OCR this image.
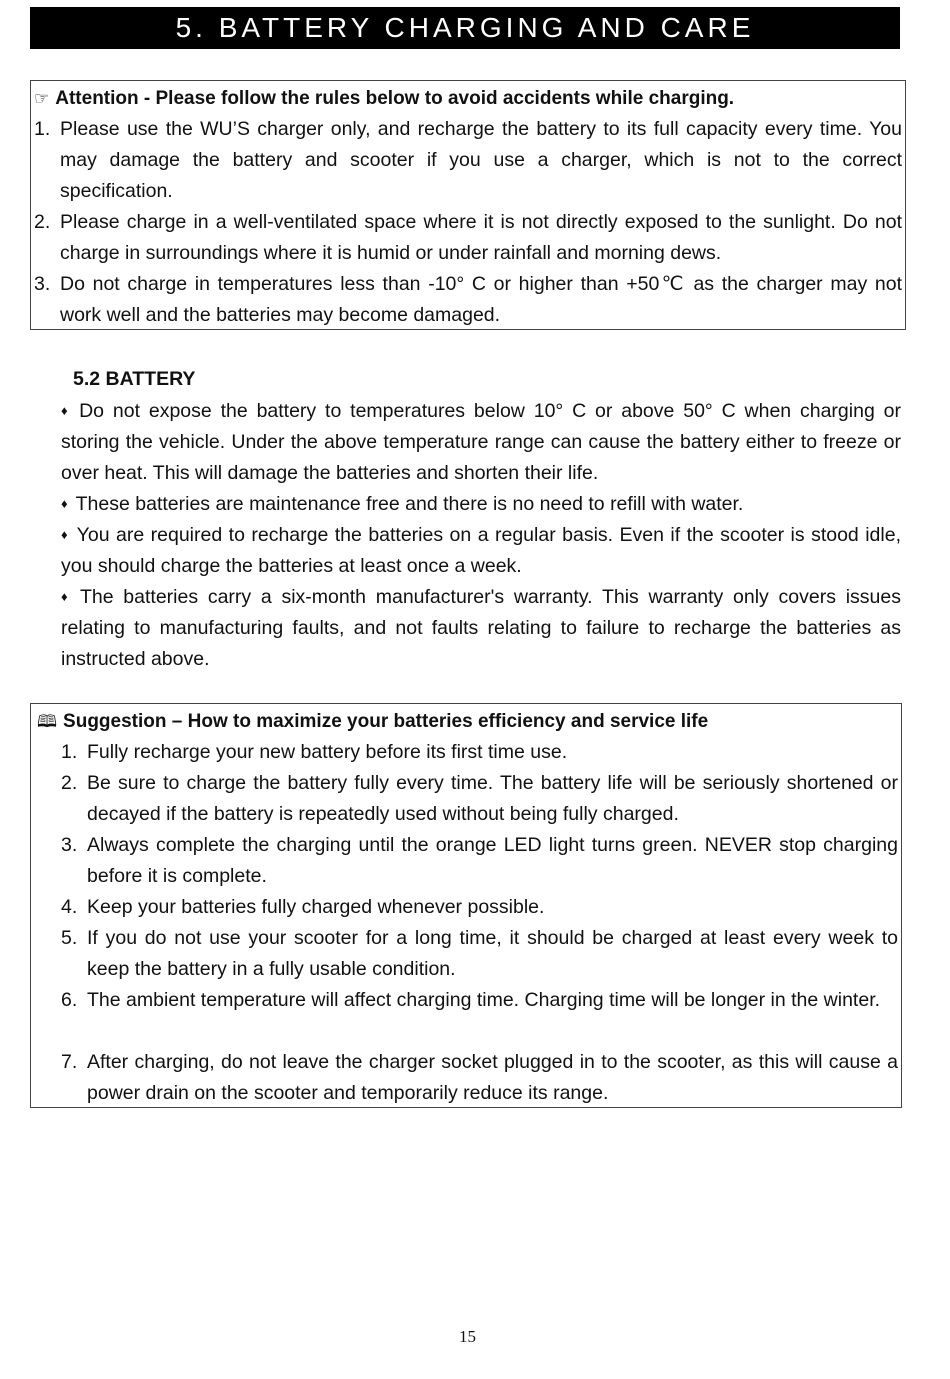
5. BATTERY CHARGING AND CARE
☞ Attention - Please follow the rules below to avoid accidents while charging.
1. Please use the WU’S charger only, and recharge the battery to its full capacity every time. You may damage the battery and scooter if you use a charger, which is not to the correct specification.
2. Please charge in a well-ventilated space where it is not directly exposed to the sunlight. Do not charge in surroundings where it is humid or under rainfall and morning dews.
3. Do not charge in temperatures less than -10° C or higher than +50℃ as the charger may not work well and the batteries may become damaged.
5.2 BATTERY
♦ Do not expose the battery to temperatures below 10° C or above 50° C when charging or storing the vehicle. Under the above temperature range can cause the battery either to freeze or over heat. This will damage the batteries and shorten their life.
♦ These batteries are maintenance free and there is no need to refill with water.
♦ You are required to recharge the batteries on a regular basis. Even if the scooter is stood idle, you should charge the batteries at least once a week.
♦ The batteries carry a six-month manufacturer's warranty. This warranty only covers issues relating to manufacturing faults, and not faults relating to failure to recharge the batteries as instructed above.
🕮 Suggestion – How to maximize your batteries efficiency and service life
1. Fully recharge your new battery before its first time use.
2. Be sure to charge the battery fully every time. The battery life will be seriously shortened or decayed if the battery is repeatedly used without being fully charged.
3. Always complete the charging until the orange LED light turns green. NEVER stop charging before it is complete.
4. Keep your batteries fully charged whenever possible.
5. If you do not use your scooter for a long time, it should be charged at least every week to keep the battery in a fully usable condition.
6. The ambient temperature will affect charging time. Charging time will be longer in the winter.
7. After charging, do not leave the charger socket plugged in to the scooter, as this will cause a power drain on the scooter and temporarily reduce its range.
15
